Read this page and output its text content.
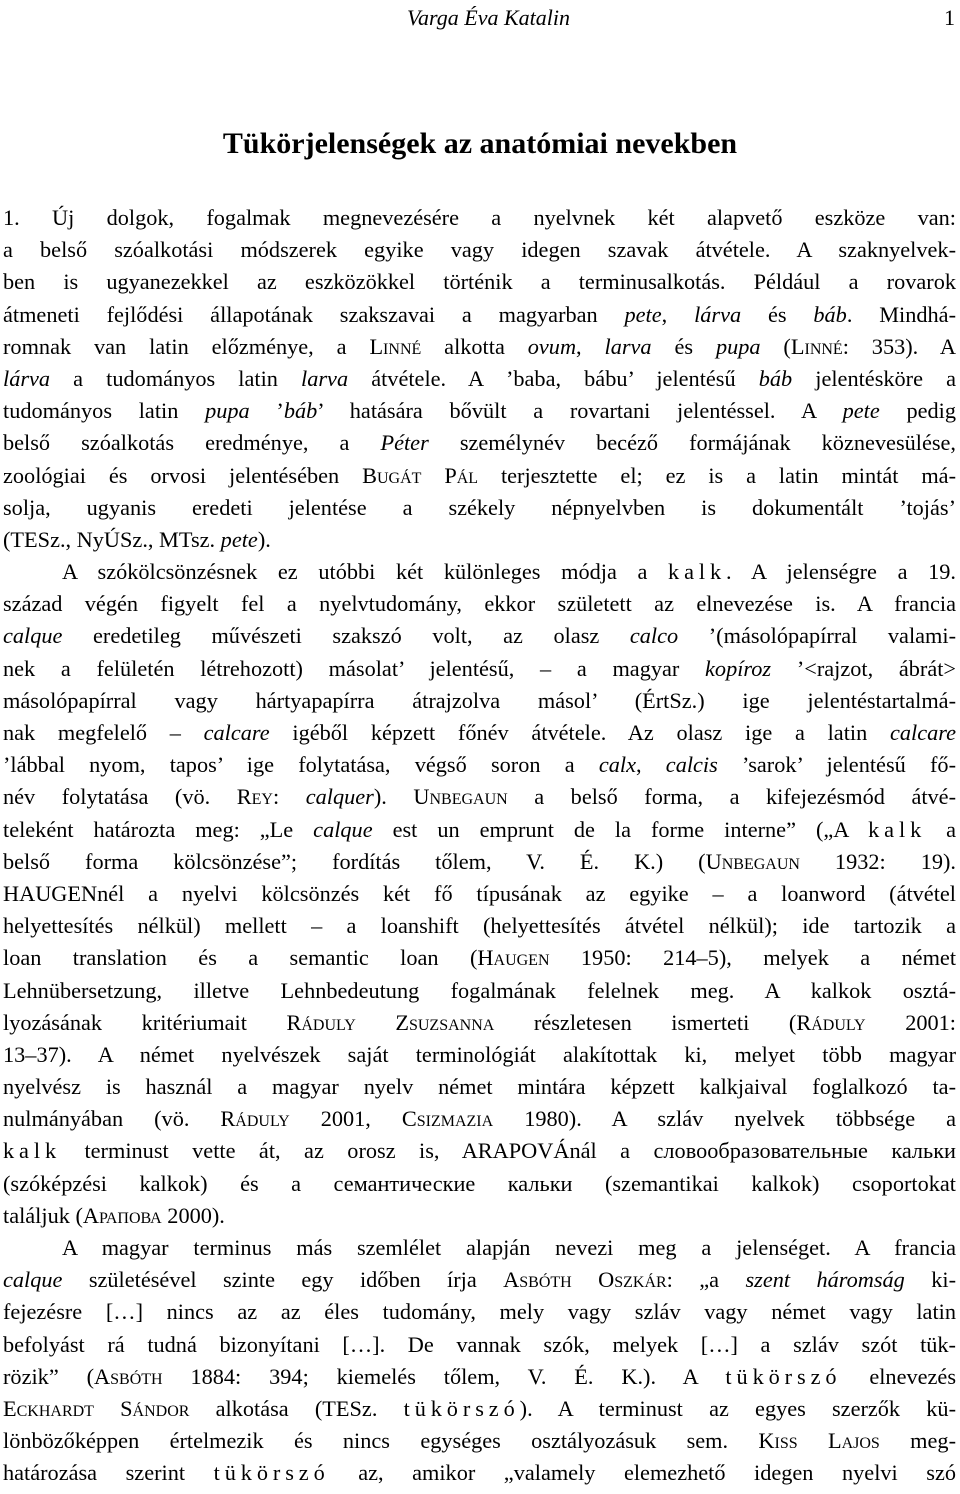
Varga Éva Katalin	1
Tükörjelenségek az anatómiai nevekben
1. Új dolgok, fogalmak megnevezésére a nyelvnek két alapvető eszköze van:
a belső szóalkotási módszerek egyike vagy idegen szavak átvétele. A szaknyelvek-
ben is ugyanezekkel az eszközökkel történik a terminusalkotás. Például a rovarok
átmeneti fejlődési állapotának szakszavai a magyarban pete, lárva és báb. Mindhá-
romnak van latin előzménye, a Linné alkotta ovum, larva és pupa (Linné: 353). A
lárva a tudományos latin larva átvétele. A ’baba, bábu’ jelentésű báb jelentésköre a
tudományos latin pupa ’báb’ hatására bővült a rovartani jelentéssel. A pete pedig
belső szóalkotás eredménye, a Péter személynév becéző formájának köznevesülése,
zoológiai és orvosi jelentésében Bugát Pál terjesztette el; ez is a latin mintát má-
solja, ugyanis eredeti jelentése a székely népnyelvben is dokumentált ’tojás’
(TESz., NyÚSz., MTsz. pete).
A szókölcsönzésnek ez utóbbi két különleges módja a kalk. A jelenségre a 19.
század végén figyelt fel a nyelvtudomány, ekkor született az elnevezése is. A francia
calque eredetileg művészeti szakszó volt, az olasz calco ’(másolópapírral valami-
nek a felületén létrehozott) másolat’ jelentésű, – a magyar kopíroz ’<rajzot, ábrát>
másolópapírral vagy hártyapapírra átrajzolva másol’ (ÉrtSz.) ige jelentéstartalmá-
nak megfelelő – calcare igéből képzett főnév átvétele. Az olasz ige a latin calcare
’lábbal nyom, tapos’ ige folytatása, végső soron a calx, calcis ’sarok’ jelentésű fő-
név folytatása (vö. Rey: calquer). Unbegaun a belső forma, a kifejezésmód átvé-
teleként határozta meg: „Le calque est un emprunt de la forme interne” („A kalk a
belső forma kölcsönzése”; fordítás tőlem, V. É. K.) (Unbegaun 1932: 19).
HAUGENnél a nyelvi kölcsönzés két fő típusának az egyike – a loanword (átvétel
helyettesítés nélkül) mellett – a loanshift (helyettesítés átvétel nélkül); ide tartozik a
loan translation és a semantic loan (Haugen 1950: 214–5), melyek a német
Lehnübersetzung, illetve Lehnbedeutung fogalmának felelnek meg. A kalkok osztá-
lyozásának kritériumait Ráduly Zsuzsanna részletesen ismerteti (Ráduly 2001:
13–37). A német nyelvészek saját terminológiát alakítottak ki, melyet több magyar
nyelvész is használ a magyar nyelv német mintára képzett kalkjaival foglalkozó ta-
nulmányában (vö. Ráduly 2001, Csizmazia 1980). A szláv nyelvek többsége a
kalk terminust vette át, az orosz is, ARAPOVÁnál a словообразовательные кальки
(szóképzési kalkok) és a семантические кальки (szemantikai kalkok) csoportokat
találjuk (Арапова 2000).
A magyar terminus más szemlélet alapján nevezi meg a jelenséget. A francia
calque születésével szinte egy időben írja Asbóth Oszkár: „a szent háromság ki-
fejezésre […] nincs az az éles tudomány, mely vagy szláv vagy német vagy latin
befolyást rá tudná bizonyítani […]. De vannak szók, melyek […] a szláv szót tük-
rözik” (Asbóth 1884: 394; kiemelés tőlem, V. É. K.). A tükörszó elnevezés
Eckhardt Sándor alkotása (TESz. tükörszó). A terminust az egyes szerzők kü-
lönbözőképpen értelmezik és nincs egységes osztályozásuk sem. Kiss Lajos meg-
határozása szerint tükörszó az, amikor „valamely elemezhető idegen nyelvi szó
